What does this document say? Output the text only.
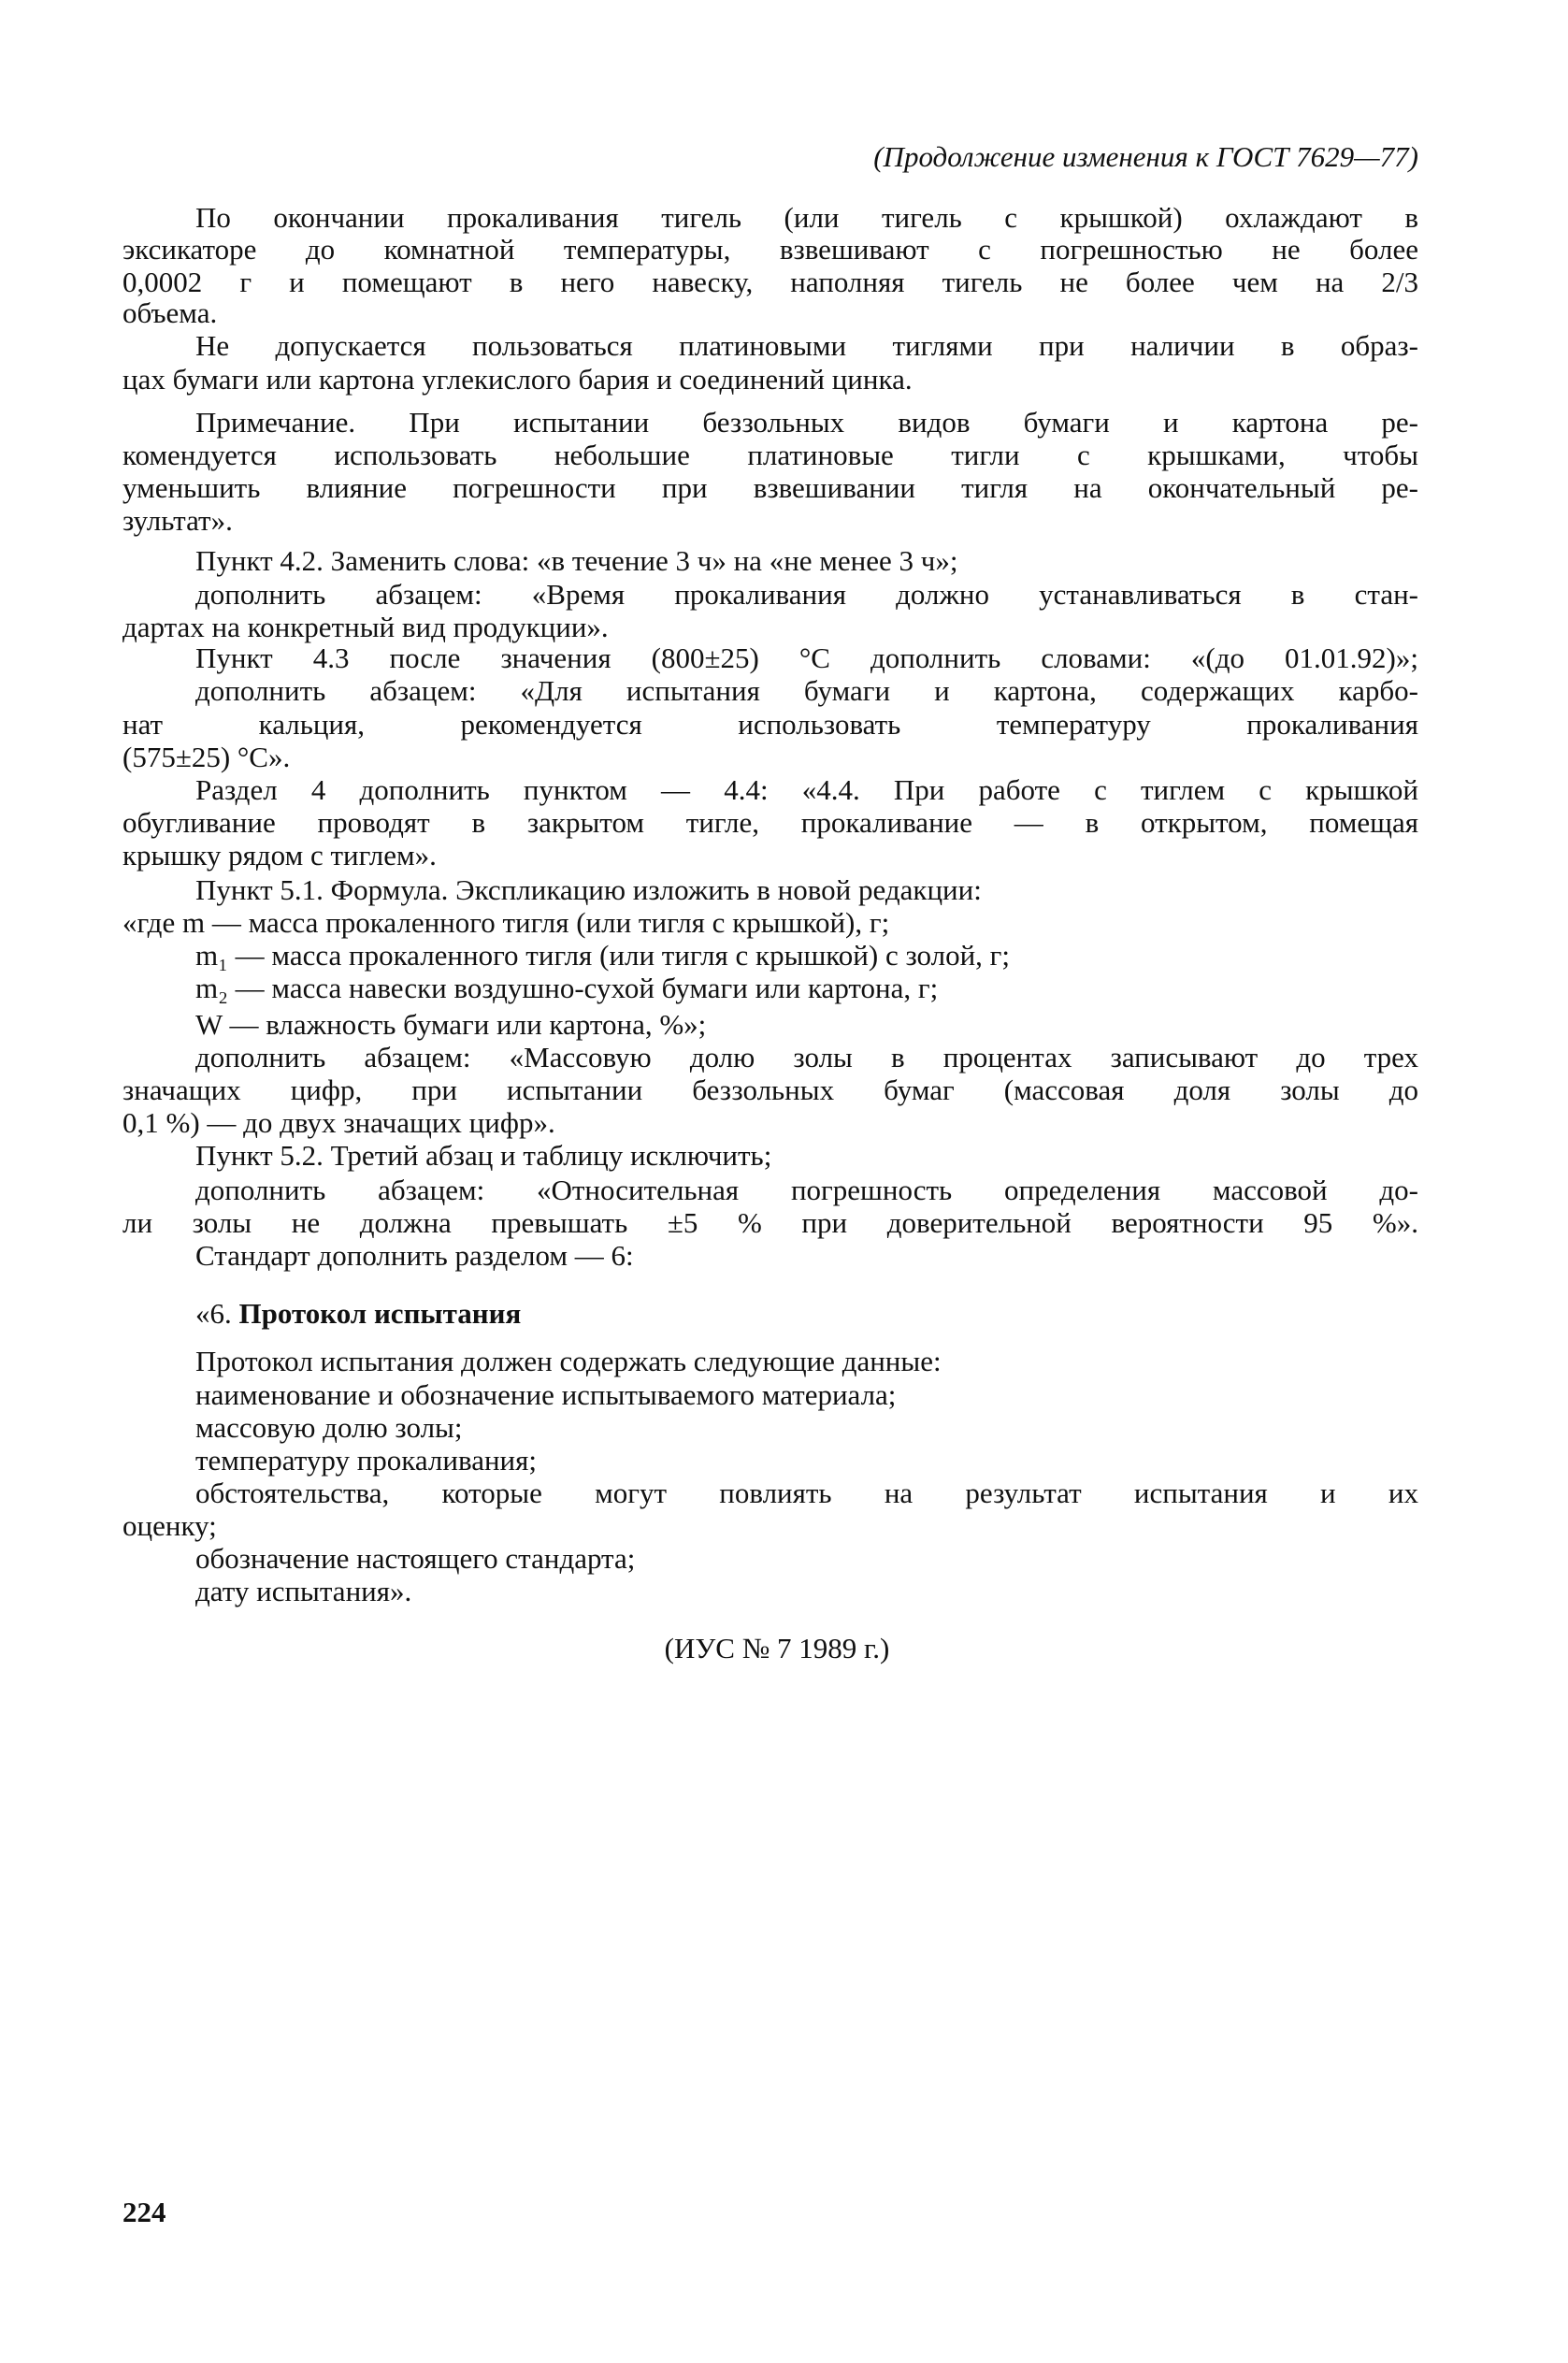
(Продолжение изменения к ГОСТ 7629—77)
По окончании прокаливания тигель (или тигель с крышкой) охлаждают в
эксикаторе до комнатной температуры, взвешивают с погрешностью не более
0,0002 г и помещают в него навеску, наполняя тигель не более чем на 2/3
объема.
Не допускается пользоваться платиновыми тиглями при наличии в образ-
цах бумаги или картона углекислого бария и соединений цинка.
Примечание. При испытании беззольных видов бумаги и картона ре-
комендуется использовать небольшие платиновые тигли с крышками, чтобы
уменьшить влияние погрешности при взвешивании тигля на окончательный ре-
зультат».
Пункт 4.2. Заменить слова: «в течение 3 ч» на «не менее 3 ч»;
дополнить абзацем: «Время прокаливания должно устанавливаться в стан-
дартах на конкретный вид продукции».
Пункт 4.3 после значения (800±25) °С дополнить словами: «(до 01.01.92)»;
дополнить абзацем: «Для испытания бумаги и картона, содержащих карбо-
нат кальция, рекомендуется использовать температуру прокаливания
(575±25) °С».
Раздел 4 дополнить пунктом — 4.4: «4.4. При работе с тиглем с крышкой
обугливание проводят в закрытом тигле, прокаливание — в открытом, помещая
крышку рядом с тиглем».
Пункт 5.1. Формула. Экспликацию изложить в новой редакции:
«где m — масса прокаленного тигля (или тигля с крышкой), г;
m₁ — масса прокаленного тигля (или тигля с крышкой) с золой, г;
m₂ — масса навески воздушно-сухой бумаги или картона, г;
W — влажность бумаги или картона, %»;
дополнить абзацем: «Массовую долю золы в процентах записывают до трех
значащих цифр, при испытании беззольных бумаг (массовая доля золы до
0,1 %) — до двух значащих цифр».
Пункт 5.2. Третий абзац и таблицу исключить;
дополнить абзацем: «Относительная погрешность определения массовой до-
ли золы не должна превышать ±5 % при доверительной вероятности 95 %».
Стандарт дополнить разделом — 6:
«6. Протокол испытания
Протокол испытания должен содержать следующие данные:
наименование и обозначение испытываемого материала;
массовую долю золы;
температуру прокаливания;
обстоятельства, которые могут повлиять на результат испытания и их
оценку;
обозначение настоящего стандарта;
дату испытания».
(ИУС № 7 1989 г.)
224
